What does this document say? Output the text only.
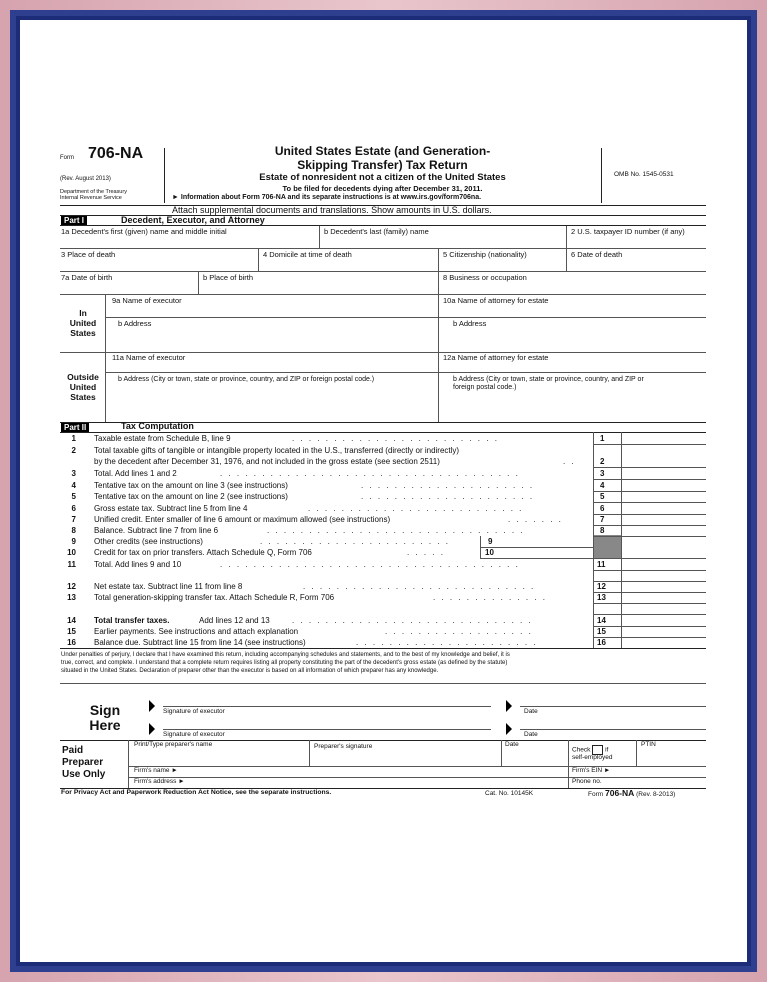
Form 706-NA
(Rev. August 2013)
Department of the Treasury
Internal Revenue Service
United States Estate (and Generation-
Skipping Transfer) Tax Return
Estate of nonresident not a citizen of the United States
To be filed for decedents dying after December 31, 2011.
► Information about Form 706-NA and its separate instructions is at www.irs.gov/form706na.
OMB No. 1545-0531
Attach supplemental documents and translations. Show amounts in U.S. dollars.
Part I	Decedent, Executor, and Attorney
1a Decedent's first (given) name and middle initial	b Decedent's last (family) name	2 U.S. taxpayer ID number (if any)
3 Place of death	4 Domicile at time of death	5 Citizenship (nationality)	6 Date of death
7a Date of birth	b Place of birth	8 Business or occupation
In
United
States
9a Name of executor	10a Name of attorney for estate
b Address	b Address
11a Name of executor	12a Name of attorney for estate
Outside
United
States
b Address (City or town, state or province, country, and ZIP or foreign postal code.)	b Address (City or town, state or province, country, and ZIP or
foreign postal code.)
Part II	Tax Computation
1 Taxable estate from Schedule B, line 9	. . . . . . . . . . . . . . . . . . . . . . . . .	1
2 Total taxable gifts of tangible or intangible property located in the U.S., transferred (directly or indirectly)
by the decedent after December 31, 1976, and not included in the gross estate (see section 2511)	. .	2
3 Total. Add lines 1 and 2	. . . . . . . . . . . . . . . . . . . . . . . . . . . . . . . . . . . .	3
4 Tentative tax on the amount on line 3 (see instructions)	. . . . . . . . . . . . . . . . . . . . .	4
5 Tentative tax on the amount on line 2 (see instructions)	. . . . . . . . . . . . . . . . . . . . .	5
6 Gross estate tax. Subtract line 5 from line 4	. . . . . . . . . . . . . . . . . . . . . . . . . .	6
7 Unified credit. Enter smaller of line 6 amount or maximum allowed (see instructions)	. . . . . . .	7
8 Balance. Subtract line 7 from line 6	. . . . . . . . . . . . . . . . . . . . . . . . . . . . . . .	8
9 Other credits (see instructions)	. . . . . . . . . . . . . . . . . . . . . . .	9
10 Credit for tax on prior transfers. Attach Schedule Q, Form 706	. . . . .	10
11 Total. Add lines 9 and 10	. . . . . . . . . . . . . . . . . . . . . . . . . . . . . . . . . . . .	11
12 Net estate tax. Subtract line 11 from line 8	. . . . . . . . . . . . . . . . . . . . . . . . . . . .	12
13 Total generation-skipping transfer tax. Attach Schedule R, Form 706	. . . . . . . . . . . . . .	13
14 Total transfer taxes.	Add lines 12 and 13	. . . . . . . . . . . . . . . . . . . . . . . . . . . . .	14
15 Earlier payments. See instructions and attach explanation	. . . . . . . . . . . . . . . . . .	15
16 Balance due. Subtract line 15 from line 14 (see instructions)	. . . . . . . . . . . . . . . . . . . . . .	16
Under penalties of perjury, I declare that I have examined this return, including accompanying schedules and statements, and to the best of my knowledge and belief, it is
true, correct, and complete. I understand that a complete return requires listing all property constituting the part of the decedent's gross estate (as defined by the statute)
situated in the United States. Declaration of preparer other than the executor is based on all information of which preparer has any knowledge.
Sign
Here
Signature of executor	Date
Signature of executor	Date
Paid
Preparer
Use Only
Print/Type preparer's name	Preparer's signature	Date
Check if
self-employed
PTIN
Firm's name ►	Firm's EIN ►
Firm's address ►	Phone no.
For Privacy Act and Paperwork Reduction Act Notice, see the separate instructions.	Cat. No. 10145K	Form 706-NA (Rev. 8-2013)
